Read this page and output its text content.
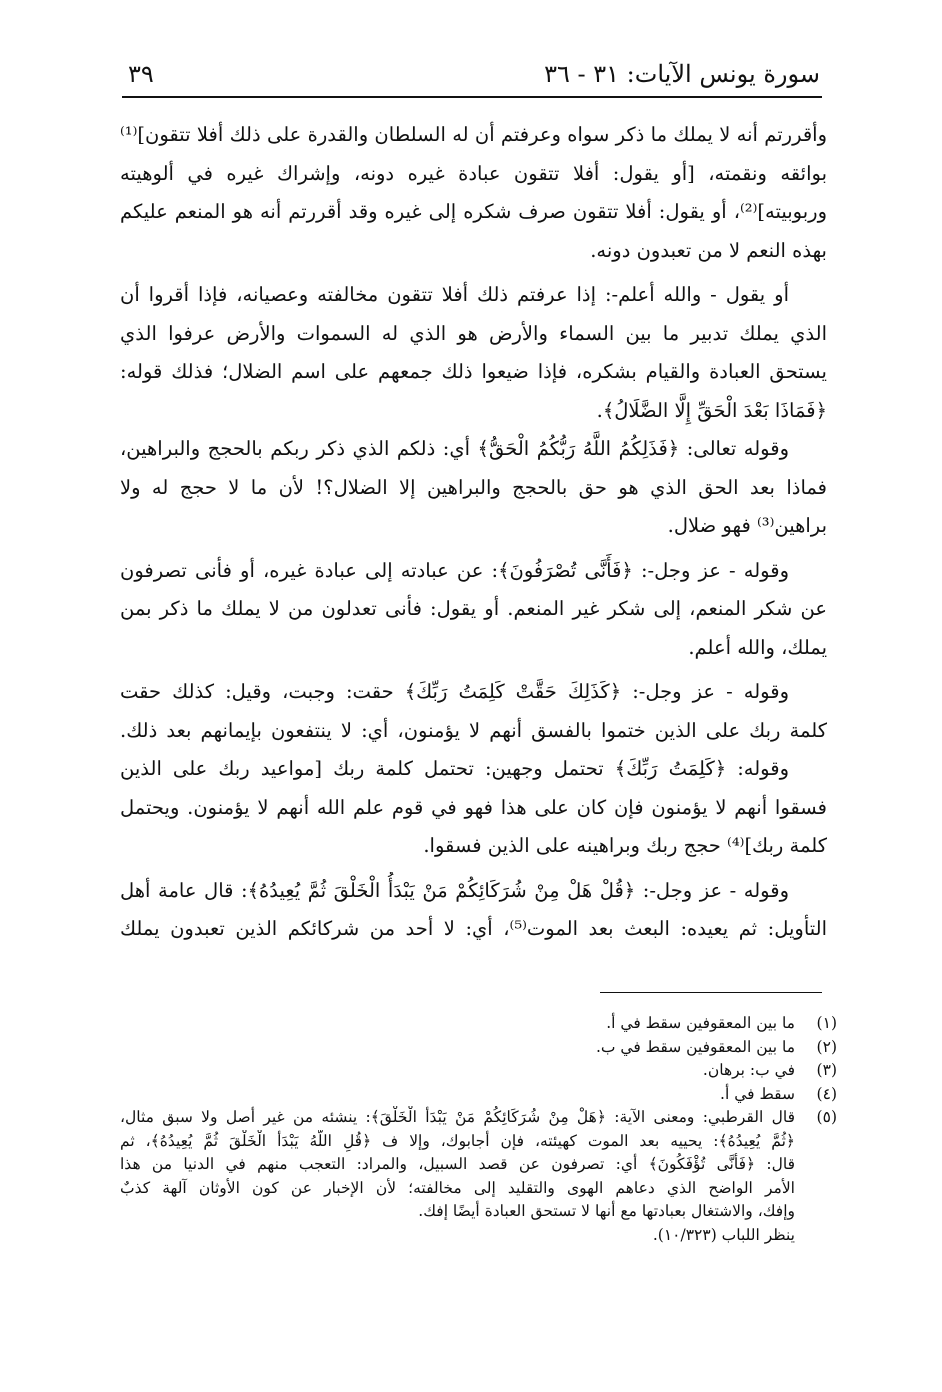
سورة يونس الآيات: ٣١ - ٣٦
٣٩
وأقررتم أنه لا يملك ما ذكر سواه وعرفتم أن له السلطان والقدرة على ذلك أفلا تتقون]⁽¹⁾
بوائقه ونقمته، [أو يقول: أفلا تتقون عبادة غيره دونه، وإشراك غيره في ألوهيته
وربوبيته]⁽²⁾، أو يقول: أفلا تتقون صرف شكره إلى غيره وقد أقررتم أنه هو المنعم عليكم
بهذه النعم لا من تعبدون دونه.
أو يقول - والله أعلم-: إذا عرفتم ذلك أفلا تتقون مخالفته وعصيانه، فإذا أقروا أن
الذي يملك تدبير ما بين السماء والأرض هو الذي له السموات والأرض عرفوا الذي
يستحق العبادة والقيام بشكره، فإذا ضيعوا ذلك جمعهم على اسم الضلال؛ فذلك قوله:
﴿فَمَاذَا بَعْدَ الْحَقِّ إِلَّا الضَّلَالُ﴾.
وقوله تعالى: ﴿فَذَلِكُمُ اللَّهُ رَبُّكُمُ الْحَقُّ﴾ أي: ذلكم الذي ذكر ربكم بالحجج والبراهين،
فماذا بعد الحق الذي هو حق بالحجج والبراهين إلا الضلال؟! لأن ما لا حجج له ولا
براهين⁽³⁾ فهو ضلال.
وقوله - عز وجل-: ﴿فَأَنَّى تُصْرَفُونَ﴾: عن عبادته إلى عبادة غيره، أو فأنى تصرفون
عن شكر المنعم، إلى شكر غير المنعم. أو يقول: فأنى تعدلون من لا يملك ما ذكر بمن
يملك، والله أعلم.
وقوله - عز وجل-: ﴿كَذَلِكَ حَقَّتْ كَلِمَتُ رَبِّكَ﴾ حقت: وجبت، وقيل: كذلك حقت
كلمة ربك على الذين ختموا بالفسق أنهم لا يؤمنون، أي: لا ينتفعون بإيمانهم بعد ذلك.
وقوله: ﴿كَلِمَتُ رَبِّكَ﴾ تحتمل وجهين: تحتمل كلمة ربك [مواعيد ربك على الذين
فسقوا أنهم لا يؤمنون فإن كان على هذا فهو في قوم علم الله أنهم لا يؤمنون. ويحتمل
كلمة ربك]⁽⁴⁾ حجج ربك وبراهينه على الذين فسقوا.
وقوله - عز وجل-: ﴿قُلْ هَلْ مِنْ شُرَكَائِكُمْ مَنْ يَبْدَأُ الْخَلْقَ ثُمَّ يُعِيدُهُ﴾: قال عامة أهل
التأويل: ثم يعيده: البعث بعد الموت⁽⁵⁾، أي: لا أحد من شركائكم الذين تعبدون يملك
(١)
ما بين المعقوفين سقط في أ.
(٢)
ما بين المعقوفين سقط في ب.
(٣)
في ب: برهان.
(٤)
سقط في أ.
(٥)
قال القرطبي: ومعنى الآية: ﴿هَلْ مِنْ شُرَكَائِكُمْ مَنْ يَبْدَأُ الْخَلْقَ﴾: ينشئه من غير أصل ولا سبق مثال،
﴿ثُمَّ يُعِيدُهُ﴾: يحييه بعد الموت كهيئته، فإن أجابوك، وإلا ف ﴿قُلِ اللَّهُ يَبْدَأُ الْخَلْقَ ثُمَّ يُعِيدُهُ﴾، ثم
قال: ﴿فَأَنَّى تُؤْفَكُونَ﴾ أي: تصرفون عن قصد السبيل، والمراد: التعجب منهم في الدنيا من هذا
الأمر الواضح الذي دعاهم الهوى والتقليد إلى مخالفته؛ لأن الإخبار عن كون الأوثان آلهة كذبٌ
وإفك، والاشتغال بعبادتها مع أنها لا تستحق العبادة أيضًا إفك.
ينظر اللباب (١٠/٣٢٣).
